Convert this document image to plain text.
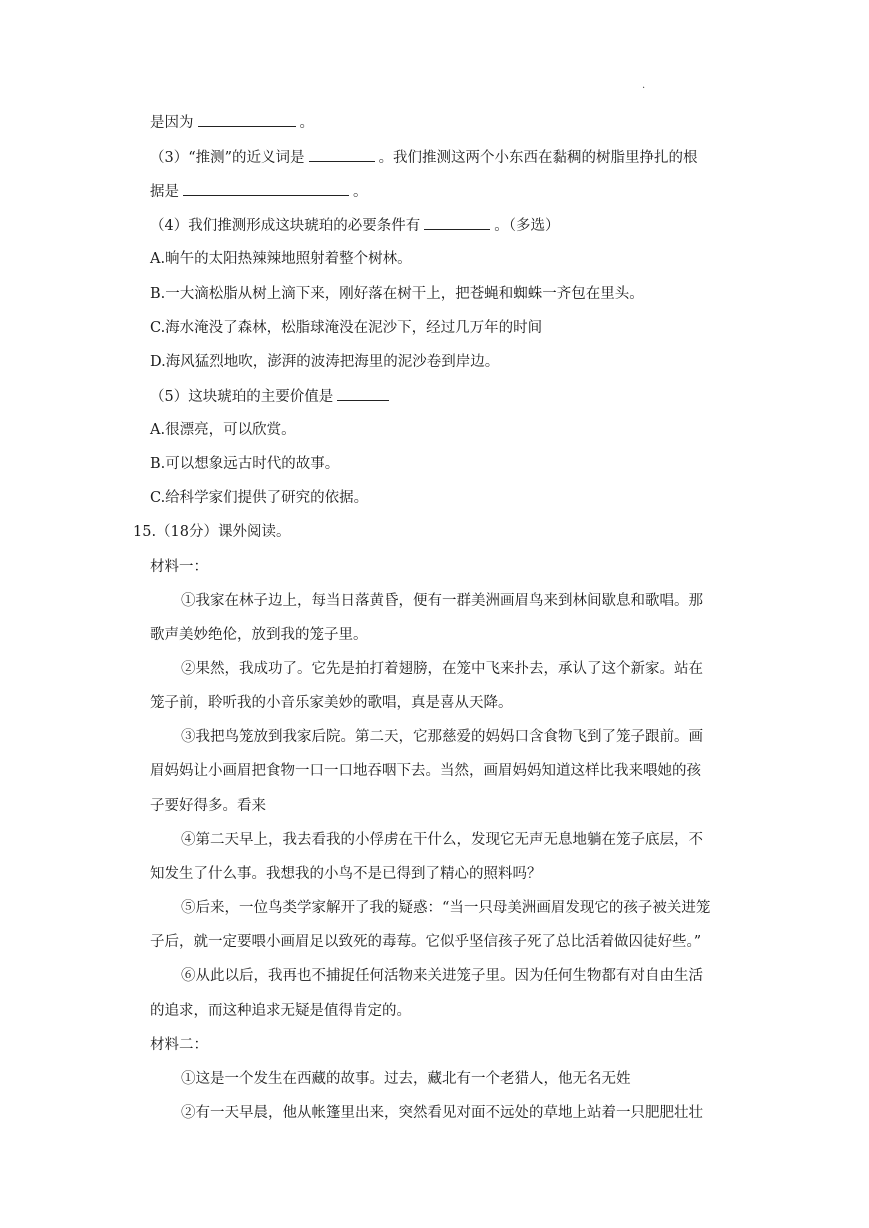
.
是因为	。
（3）“推测”的近义词是	。我们推测这两个小东西在黏稠的树脂里挣扎的根
据是	。
（4）我们推测形成这块琥珀的必要条件有	。（多选）
A.晌午的太阳热辣辣地照射着整个树林。
B.一大滴松脂从树上滴下来，刚好落在树干上，把苍蝇和蜘蛛一齐包在里头。
C.海水淹没了森林，松脂球淹没在泥沙下，经过几万年的时间
D.海风猛烈地吹，澎湃的波涛把海里的泥沙卷到岸边。
（5）这块琥珀的主要价值是
A.很漂亮，可以欣赏。
B.可以想象远古时代的故事。
C.给科学家们提供了研究的依据。
15.（18分）课外阅读。
材料一：
①我家在林子边上，每当日落黄昏，便有一群美洲画眉鸟来到林间歇息和歌唱。那
歌声美妙绝伦，放到我的笼子里。
②果然，我成功了。它先是拍打着翅膀，在笼中飞来扑去，承认了这个新家。站在
笼子前，聆听我的小音乐家美妙的歌唱，真是喜从天降。
③我把鸟笼放到我家后院。第二天，它那慈爱的妈妈口含食物飞到了笼子跟前。画
眉妈妈让小画眉把食物一口一口地吞咽下去。当然，画眉妈妈知道这样比我来喂她的孩
子要好得多。看来
④第二天早上，我去看我的小俘虏在干什么，发现它无声无息地躺在笼子底层，不
知发生了什么事。我想我的小鸟不是已得到了精心的照料吗？
⑤后来，一位鸟类学家解开了我的疑惑：“当一只母美洲画眉发现它的孩子被关进笼
子后，就一定要喂小画眉足以致死的毒莓。它似乎坚信孩子死了总比活着做囚徒好些。”
⑥从此以后，我再也不捕捉任何活物来关进笼子里。因为任何生物都有对自由生活
的追求，而这种追求无疑是值得肯定的。
材料二：
①这是一个发生在西藏的故事。过去，藏北有一个老猎人，他无名无姓
②有一天早晨，他从帐篷里出来，突然看见对面不远处的草地上站着一只肥肥壮壮
